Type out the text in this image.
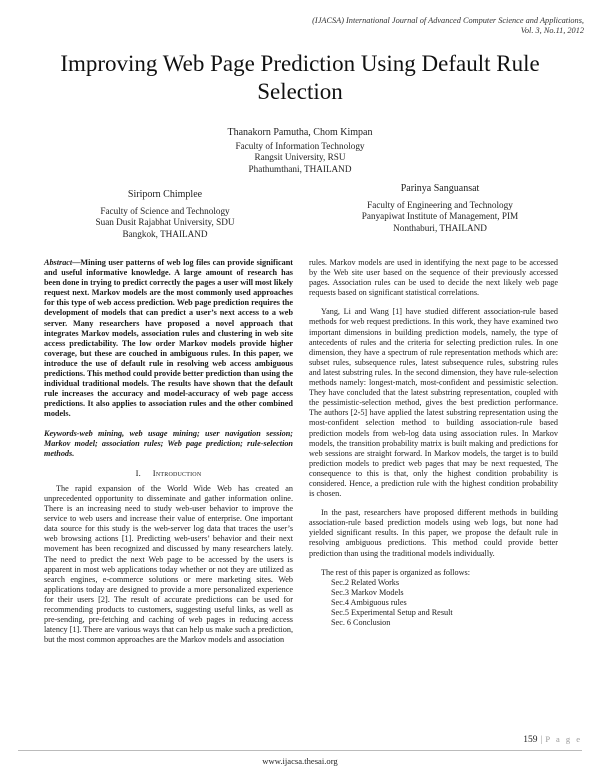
(IJACSA) International Journal of Advanced Computer Science and Applications,
Vol. 3, No.11, 2012
Improving Web Page Prediction Using Default Rule Selection
Thanakorn Pamutha, Chom Kimpan
Faculty of Information Technology
Rangsit University, RSU
Phathumthani, THAILAND
Siriporn Chimplee
Faculty of Science and Technology
Suan Dusit Rajabhat University, SDU
Bangkok, THAILAND
Parinya Sanguansat
Faculty of Engineering and Technology
Panyapiwat Institute of Management, PIM
Nonthaburi, THAILAND

Abstract—Mining user patterns of web log files can provide significant and useful informative knowledge. A large amount of research has been done in trying to predict correctly the pages a user will most likely request next. Markov models are the most commonly used approaches for this type of web access prediction. Web page prediction requires the development of models that can predict a user’s next access to a web server. Many researchers have proposed a novel approach that integrates Markov models, association rules and clustering in web site access predictability. The low order Markov models provide higher coverage, but these are couched in ambiguous rules. In this paper, we introduce the use of default rule in resolving web access ambiguous predictions. This method could provide better prediction than using the individual traditional models. The results have shown that the default rule increases the accuracy and model-accuracy of web page access predictions. It also applies to association rules and the other combined models.

Keywords-web mining, web usage mining; user navigation session; Markov model; association rules; Web page prediction; rule-selection methods.

I. Introduction

The rapid expansion of the World Wide Web has created an unprecedented opportunity to disseminate and gather information online. There is an increasing need to study web-user behavior to improve the service to web users and increase their value of enterprise. One important data source for this study is the web-server log data that traces the user’s web browsing actions [1]. Predicting web-users’ behavior and their next movement has been recognized and discussed by many researchers lately. The need to predict the next Web page to be accessed by the users is apparent in most web applications today whether or not they are utilized as search engines, e-commerce solutions or mere marketing sites. Web applications today are designed to provide a more personalized experience for their users [2]. The result of accurate predictions can be used for recommending products to customers, suggesting useful links, as well as pre-sending, pre-fetching and caching of web pages in reducing access latency [1]. There are various ways that can help us make such a prediction, but the most common approaches are the Markov models and association

rules. Markov models are used in identifying the next page to be accessed by the Web site user based on the sequence of their previously accessed pages. Association rules can be used to decide the next likely web page requests based on significant statistical correlations.

Yang, Li and Wang [1] have studied different association-rule based methods for web request predictions. In this work, they have examined two important dimensions in building prediction models, namely, the type of antecedents of rules and the criteria for selecting prediction rules. In one dimension, they have a spectrum of rule representation methods which are: subset rules, subsequence rules, latest subsequence rules, substring rules and latest substring rules. In the second dimension, they have rule-selection methods namely: longest-match, most-confident and pessimistic selection. They have concluded that the latest substring representation, coupled with the pessimistic-selection method, gives the best prediction performance. The authors [2-5] have applied the latest substring representation using the most-confident selection method to building association-rule based prediction models from web-log data using association rules. In Markov models, the transition probability matrix is built making and predictions for web sessions are straight forward. In Markov models, the target is to build prediction models to predict web pages that may be next requested, The consequence to this is that, only the highest condition probability is considered. Hence, a prediction rule with the highest condition probability is chosen.

In the past, researchers have proposed different methods in building association-rule based prediction models using web logs, but none had yielded significant results. In this paper, we propose the default rule in resolving ambiguous predictions. This method could provide better prediction than using the traditional models individually.

The rest of this paper is organized as follows:

Sec.2 Related Works
Sec.3 Markov Models
Sec.4 Ambiguous rules
Sec.5 Experimental Setup and Result
Sec. 6 Conclusion
159 | P a g e
www.ijacsa.thesai.org
